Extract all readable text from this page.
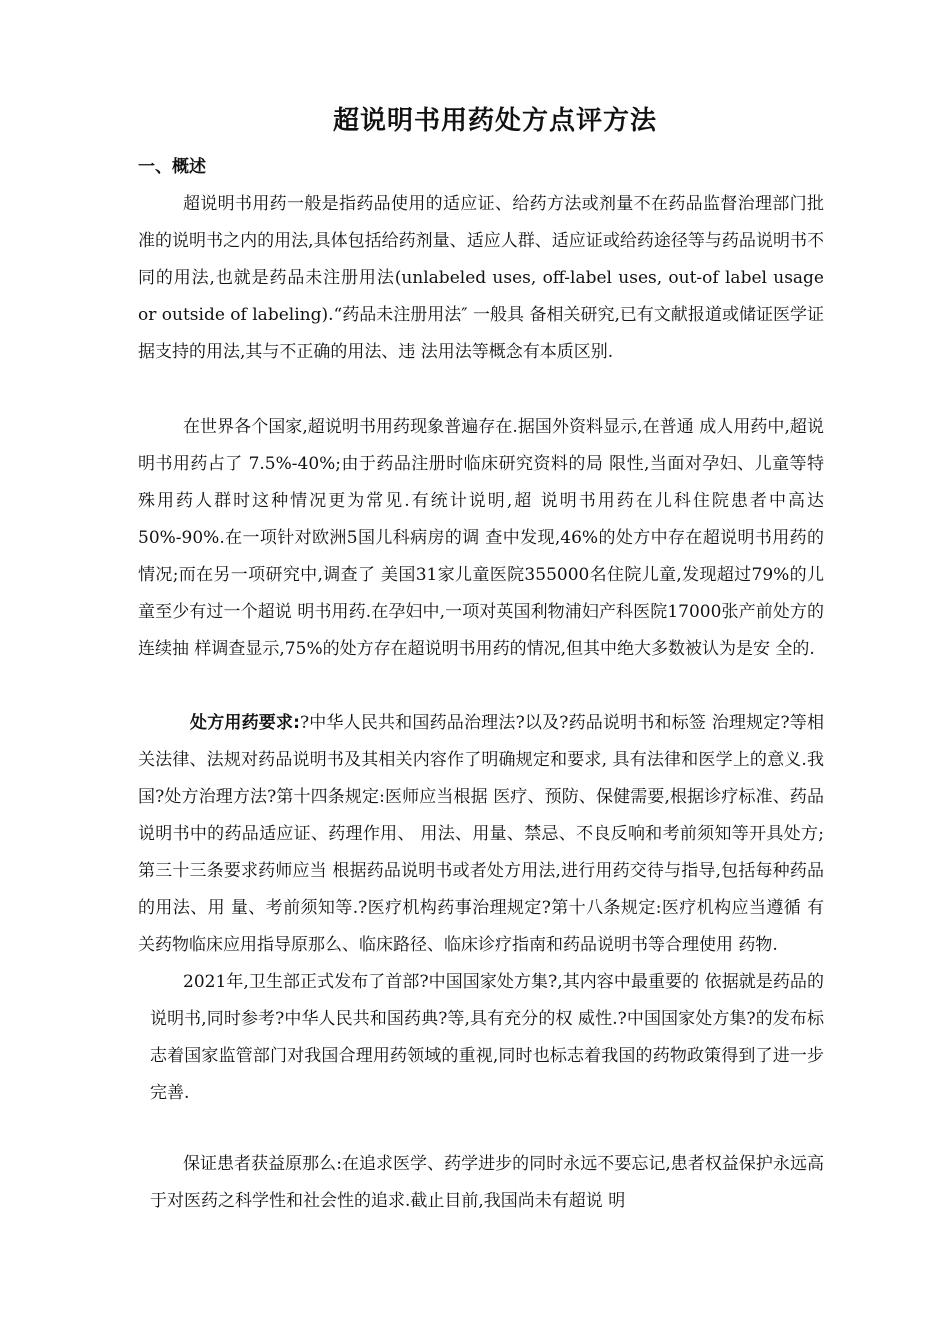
超说明书用药处方点评方法
一、概述

超说明书用药一般是指药品使用的适应证、给药方法或剂量不在药品监督治理部门批准的说明书之内的用法,具体包括给药剂量、适应人群、适应证或给药途径等与药品说明书不同的用法,也就是药品未注册用法(unlabeled uses, off-label uses, out-of label usage or outside of labeling).“药品未注册用法″ 一般具 备相关研究,已有文献报道或储证医学证据支持的用法,其与不正确的用法、违 法用法等概念有本质区别.

在世界各个国家,超说明书用药现象普遍存在.据国外资料显示,在普通 成人用药中,超说明书用药占了 7.5%-40%;由于药品注册时临床研究资料的局 限性,当面对孕妇、儿童等特殊用药人群时这种情况更为常见.有统计说明,超 说明书用药在儿科住院患者中高达50%-90%.在一项针对欧洲5国儿科病房的调 查中发现,46%的处方中存在超说明书用药的情况;而在另一项研究中,调查了 美国31家儿童医院355000名住院儿童,发现超过79%的儿童至少有过一个超说 明书用药.在孕妇中,一项对英国利物浦妇产科医院17000张产前处方的连续抽 样调查显示,75%的处方存在超说明书用药的情况,但其中绝大多数被认为是安 全的.

处方用药要求:?中华人民共和国药品治理法?以及?药品说明书和标签 治理规定?等相关法律、法规对药品说明书及其相关内容作了明确规定和要求, 具有法律和医学上的意义.我国?处方治理方法?第十四条规定:医师应当根据 医疗、预防、保健需要,根据诊疗标准、药品说明书中的药品适应证、药理作用、 用法、用量、禁忌、不良反响和考前须知等开具处方;第三十三条要求药师应当 根据药品说明书或者处方用法,进行用药交待与指导,包括每种药品的用法、用 量、考前须知等.?医疗机构药事治理规定?第十八条规定:医疗机构应当遵循 有关药物临床应用指导原那么、临床路径、临床诊疗指南和药品说明书等合理使用 药物.

2021年,卫生部正式发布了首部?中国国家处方集?,其内容中最重要的 依据就是药品的说明书,同时参考?中华人民共和国药典?等,具有充分的权 威性.?中国国家处方集?的发布标志着国家监管部门对我国合理用药领域的重视,同时也标志着我国的药物政策得到了进一步完善.

保证患者获益原那么:在追求医学、药学进步的同时永远不要忘记,患者权益保护永远高于对医药之科学性和社会性的追求.截止目前,我国尚未有超说 明
